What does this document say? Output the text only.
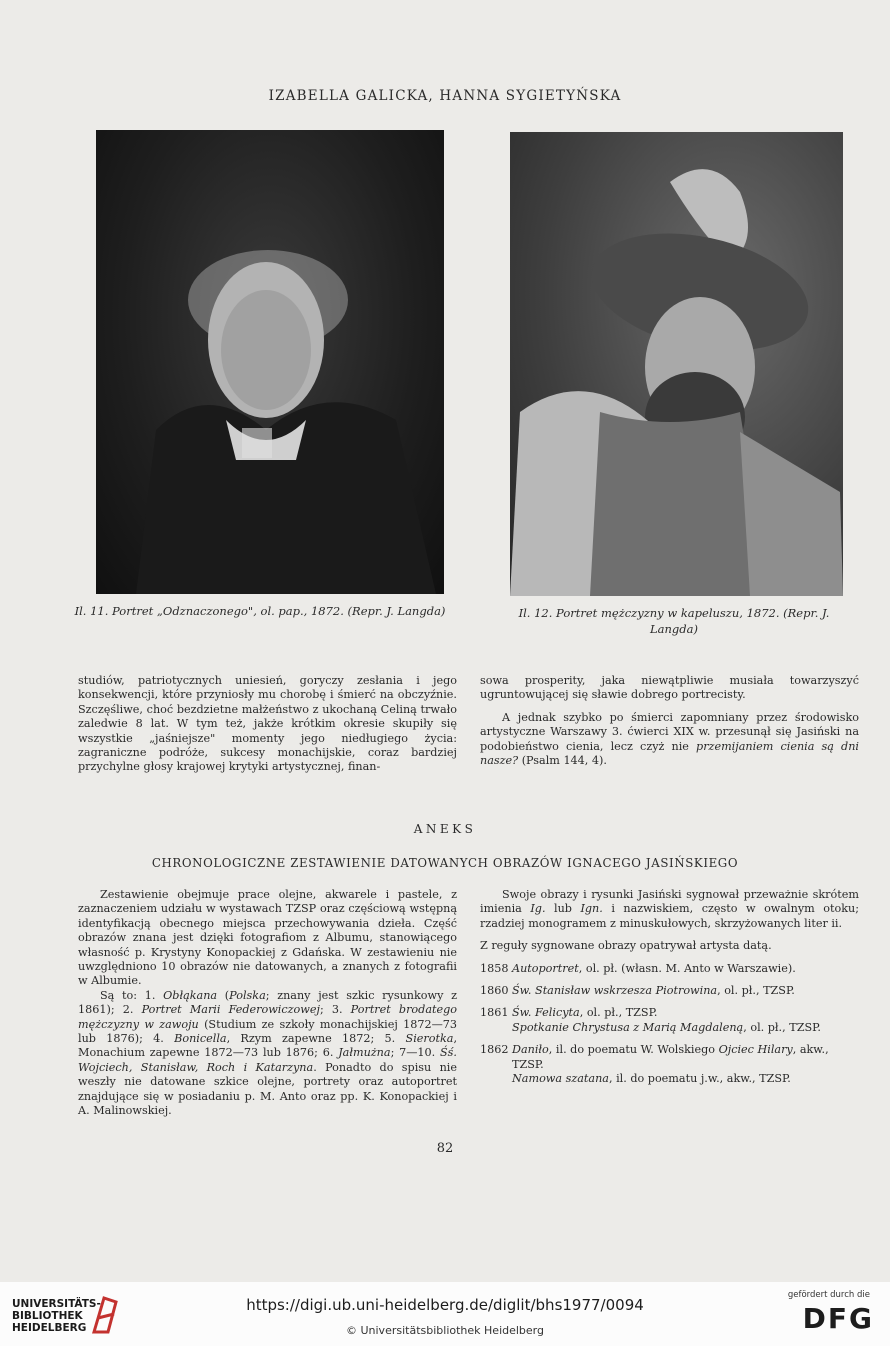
IZABELLA GALICKA, HANNA SYGIETYŃSKA
Il. 11. Portret „Odznaczonego", ol. pap., 1872. (Repr. J. Langda)	Il. 12. Portret mężczyzny w kapeluszu, 1872. (Repr. J. Langda)

studiów, patriotycznych uniesień, goryczy zesłania i jego konsekwencji, które przyniosły mu chorobę i śmierć na obczyźnie. Szczęśliwe, choć bezdzietne małżeństwo z ukochaną Celiną trwało zaledwie 8 lat. W tym też, jakże krótkim okresie skupiły się wszystkie „jaśniejsze" momenty jego niedługiego życia: zagraniczne podróże, sukcesy monachijskie, coraz bardziej przychylne głosy krajowej krytyki artystycznej, finan-

sowa prosperity, jaka niewątpliwie musiała towarzyszyć ugruntowującej się sławie dobrego portrecisty.

A jednak szybko po śmierci zapomniany przez środowisko artystyczne Warszawy 3. ćwierci XIX w. przesunął się Jasiński na podobieństwo cienia, lecz czyż nie przemijaniem cienia są dni nasze? (Psalm 144, 4).

ANEKS
CHRONOLOGICZNE ZESTAWIENIE DATOWANYCH OBRAZÓW IGNACEGO JASIŃSKIEGO

Zestawienie obejmuje prace olejne, akwarele i pastele, z zaznaczeniem udziału w wystawach TZSP oraz częściową wstępną identyfikacją obecnego miejsca przechowywania dzieła. Część obrazów znana jest dzięki fotografiom z Albumu, stanowiącego własność p. Krystyny Konopackiej z Gdańska. W zestawieniu nie uwzględniono 10 obrazów nie datowanych, a znanych z fotografii w Albumie.

Są to: 1. Obłąkana (Polska; znany jest szkic rysunkowy z 1861); 2. Portret Marii Federowiczowej; 3. Portret brodatego mężczyzny w zawoju (Studium ze szkoły monachijskiej 1872—73 lub 1876); 4. Bonicella, Rzym zapewne 1872; 5. Sierotka, Monachium zapewne 1872—73 lub 1876; 6. Jałmużna; 7—10. Śś. Wojciech, Stanisław, Roch i Katarzyna. Ponadto do spisu nie weszły nie datowane szkice olejne, portrety oraz autoportret znajdujące się w posiadaniu p. M. Anto oraz pp. K. Konopackiej i A. Malinowskiej.

Swoje obrazy i rysunki Jasiński sygnował przeważnie skrótem imienia Ig. lub Ign. i nazwiskiem, często w owalnym otoku; rzadziej monogramem z minuskułowych, skrzyżowanych liter ii.

Z reguły sygnowane obrazy opatrywał artysta datą.

1858 Autoportret, ol. pł. (własn. M. Anto w Warszawie).
1860 Św. Stanisław wskrzesza Piotrowina, ol. pł., TZSP.
1861 Św. Felicyta, ol. pł., TZSP.
Spotkanie Chrystusa z Marią Magdaleną, ol. pł., TZSP.
1862 Daniło, il. do poematu W. Wolskiego Ojciec Hilary, akw., TZSP.
Namowa szatana, il. do poematu j.w., akw., TZSP.
82
UNIVERSITÄTS-
BIBLIOTHEK
HEIDELBERG
https://digi.ub.uni-heidelberg.de/diglit/bhs1977/0094
© Universitätsbibliothek Heidelberg
gefördert durch die
DFG
